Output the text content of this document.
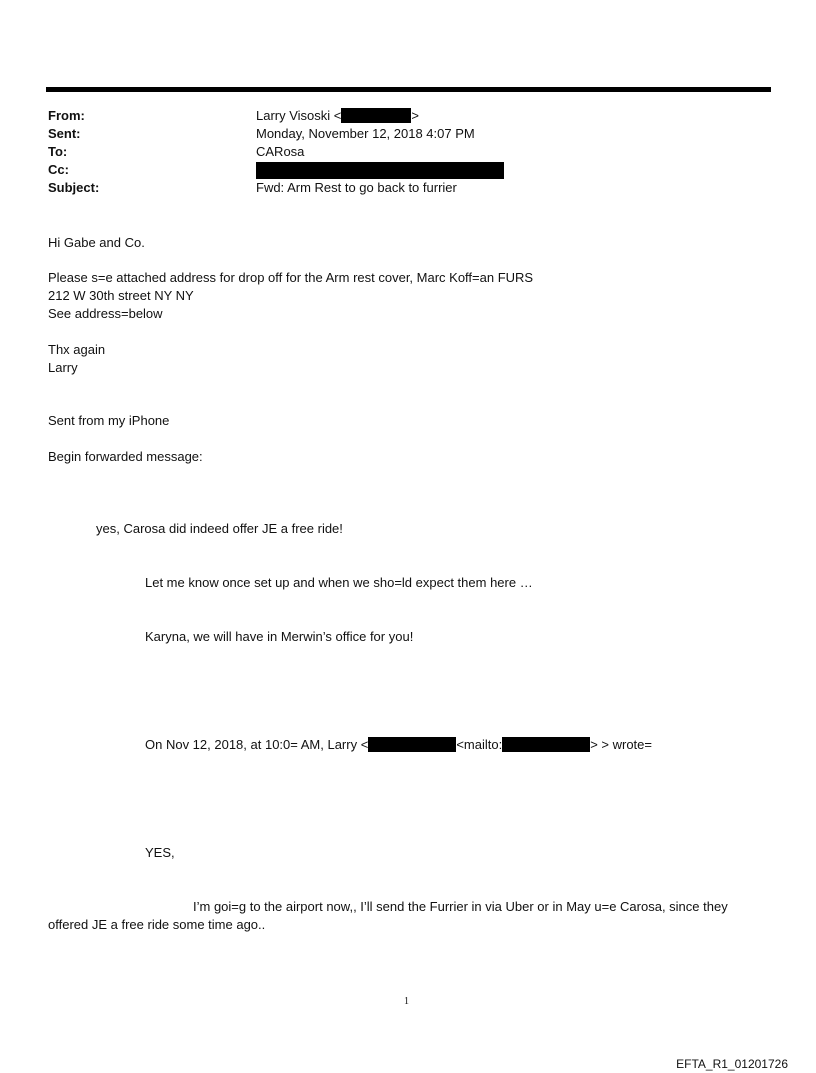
From:	Larry Visoski <	>
Sent:	Monday, November 12, 2018 4:07 PM
To:	CARosa
Cc:
Subject:	Fwd: Arm Rest to go back to furrier
Hi Gabe and Co.
Please s=e attached address for drop off for the Arm rest cover, Marc Koff=an FURS
212 W 30th street NY NY
See address=below
Thx again
Larry
Sent from my iPhone
Begin forwarded message:
yes, Carosa did indeed offer JE a free ride!
Let me know once set up and when we sho=ld expect them here …
Karyna, we will have in Merwin’s office for you!
On Nov 12, 2018, at 10:0= AM, Larry <	<mailto:	> > wrote=
YES,
I’m goi=g to the airport now,, I’ll send the Furrier in via Uber or in May u=e Carosa, since they
offered JE a free ride some time ago..
1
EFTA_R1_01201726
